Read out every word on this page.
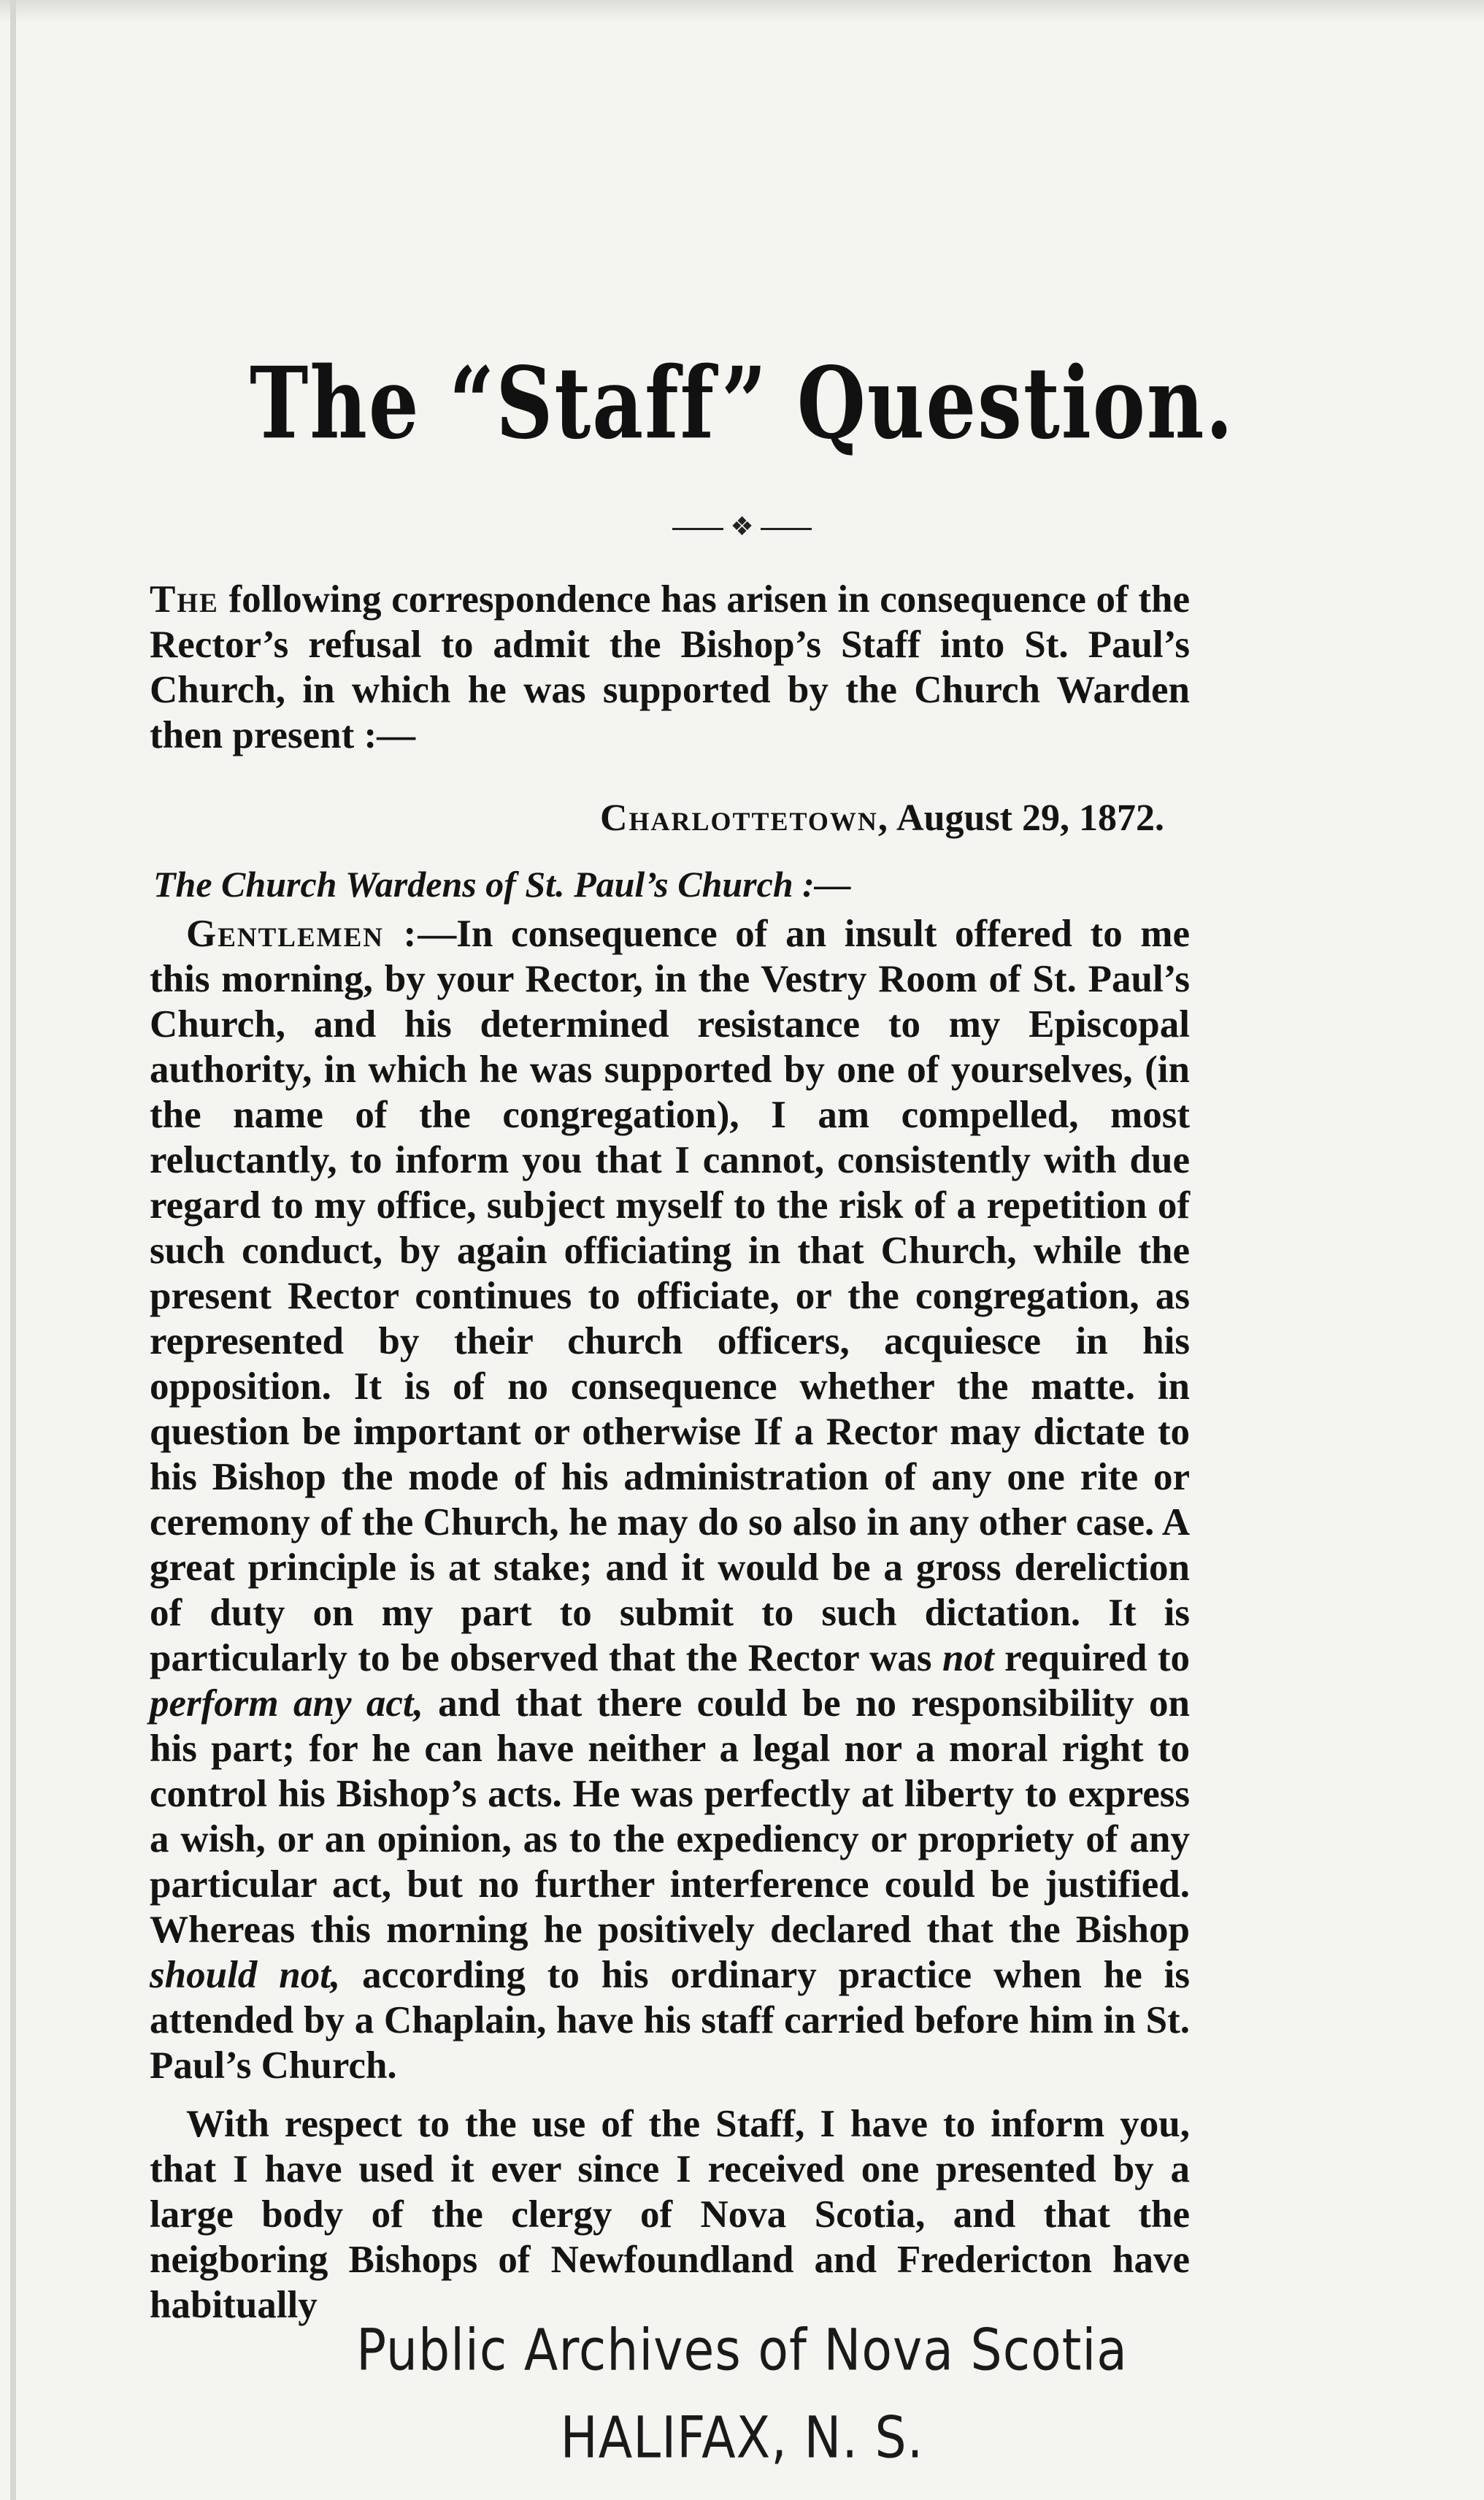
The “Staff” Question.
❖
The following correspondence has arisen in consequence of the Rector’s refusal to admit the Bishop’s Staff into St. Paul’s Church, in which he was supported by the Church Warden then present :—
Charlottetown, August 29, 1872.
The Church Wardens of St. Paul’s Church :—
Gentlemen :—In consequence of an insult offered to me this morning, by your Rector, in the Vestry Room of St. Paul’s Church, and his determined resistance to my Episcopal authority, in which he was supported by one of yourselves, (in the name of the congregation), I am compelled, most reluctantly, to inform you that I cannot, consistently with due regard to my office, subject myself to the risk of a repetition of such conduct, by again officiating in that Church, while the present Rector continues to officiate, or the congregation, as represented by their church officers, acquiesce in his opposition. It is of no consequence whether the matte. in question be important or otherwise If a Rector may dictate to his Bishop the mode of his administration of any one rite or ceremony of the Church, he may do so also in any other case. A great principle is at stake; and it would be a gross dereliction of duty on my part to submit to such dictation. It is particularly to be observed that the Rector was not required to perform any act, and that there could be no responsibility on his part; for he can have neither a legal nor a moral right to control his Bishop’s acts. He was perfectly at liberty to express a wish, or an opinion, as to the expediency or propriety of any particular act, but no further interference could be justified. Whereas this morning he positively declared that the Bishop should not, according to his ordinary practice when he is attended by a Chaplain, have his staff carried before him in St. Paul’s Church.
With respect to the use of the Staff, I have to inform you, that I have used it ever since I received one presented by a large body of the clergy of Nova Scotia, and that the neigboring Bishops of Newfoundland and Fredericton have habitually
Public Archives of Nova Scotia
HALIFAX, N. S.
